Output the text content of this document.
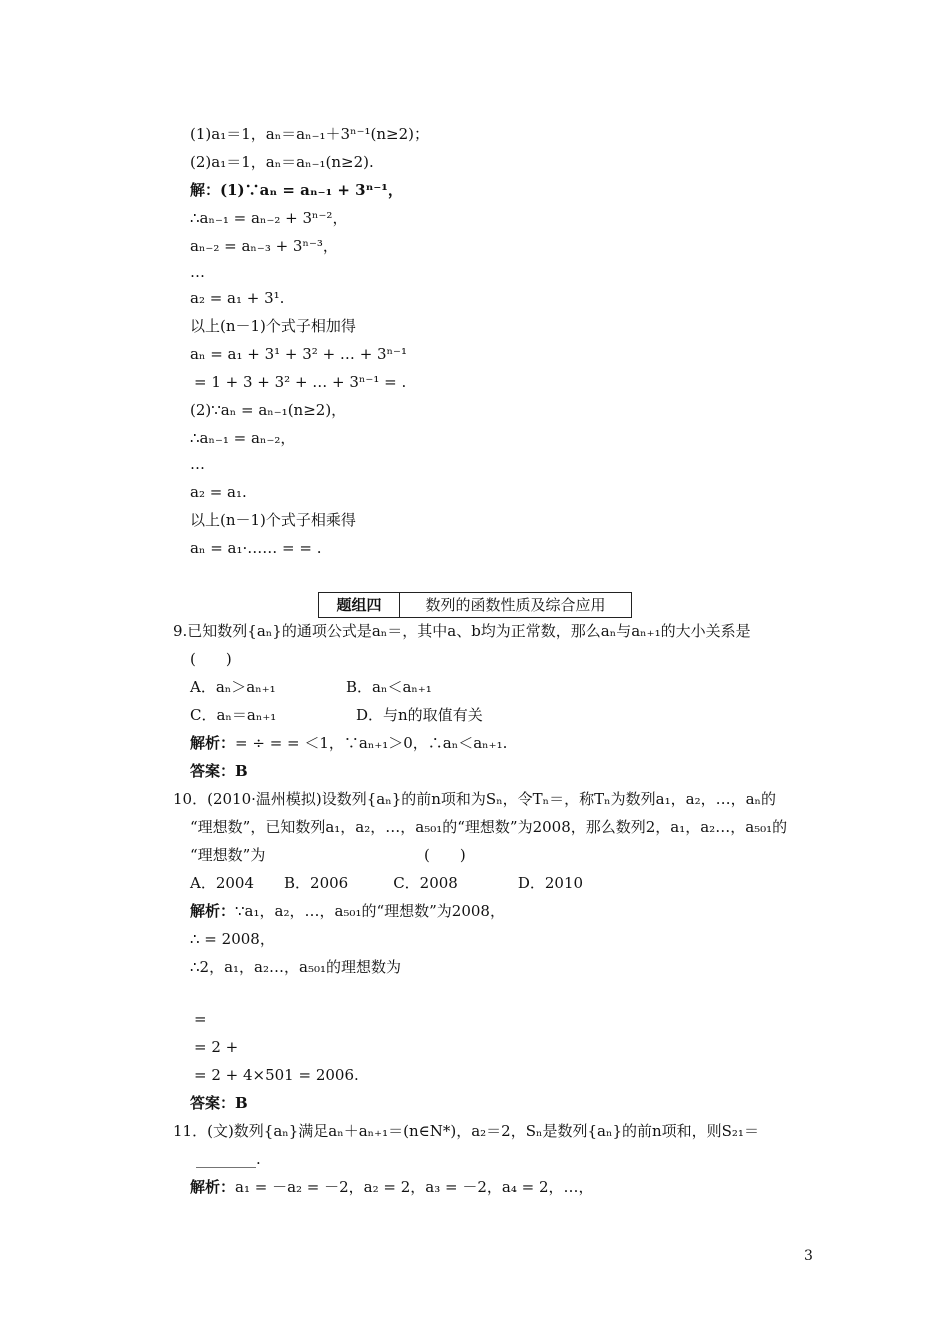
(1)a₁＝1，aₙ＝aₙ₋₁＋3ⁿ⁻¹(n≥2)；
(2)a₁＝1，aₙ＝aₙ₋₁(n≥2).
解：(1)∵aₙ = aₙ₋₁ + 3ⁿ⁻¹，
∴aₙ₋₁ = aₙ₋₂ + 3ⁿ⁻²，
aₙ₋₂ = aₙ₋₃ + 3ⁿ⁻³，
…
a₂ = a₁ + 3¹.
以上(n－1)个式子相加得
aₙ = a₁ + 3¹ + 3² + … + 3ⁿ⁻¹
= 1 + 3 + 3² + … + 3ⁿ⁻¹ = .
(2)∵aₙ = aₙ₋₁(n≥2)，
∴aₙ₋₁ = aₙ₋₂，
…
a₂ = a₁.
以上(n－1)个式子相乘得
aₙ = a₁·…… = = .
题组四	数列的函数性质及综合应用
9.已知数列{aₙ}的通项公式是aₙ＝，其中a、b均为正常数，那么aₙ与aₙ₊₁的大小关系是
(　　)
A．aₙ＞aₙ₊₁	B．aₙ＜aₙ₊₁
C．aₙ＝aₙ₊₁	D．与n的取值有关
解析：= ÷ = = ＜1，∵aₙ₊₁＞0，∴aₙ＜aₙ₊₁.
答案：B
10．(2010·温州模拟)设数列{aₙ}的前n项和为Sₙ，令Tₙ＝，称Tₙ为数列a₁，a₂，…，aₙ的
“理想数”，已知数列a₁，a₂，…，a₅₀₁的“理想数”为2008，那么数列2，a₁，a₂…，a₅₀₁的
“理想数”为	(　　)
A．2004　　B．2006　　　C．2008　　　　D．2010
解析：∵a₁，a₂，…，a₅₀₁的“理想数”为2008，
∴ = 2008，
∴2，a₁，a₂…，a₅₀₁的理想数为
=
= 2 +
= 2 + 4×501 = 2006.
答案：B
11．(文)数列{aₙ}满足aₙ＋aₙ₊₁＝(n∈N*)，a₂＝2，Sₙ是数列{aₙ}的前n项和，则S₂₁＝
________.
解析：a₁ = －a₂ = －2，a₂ = 2，a₃ = －2，a₄ = 2，…，
3
